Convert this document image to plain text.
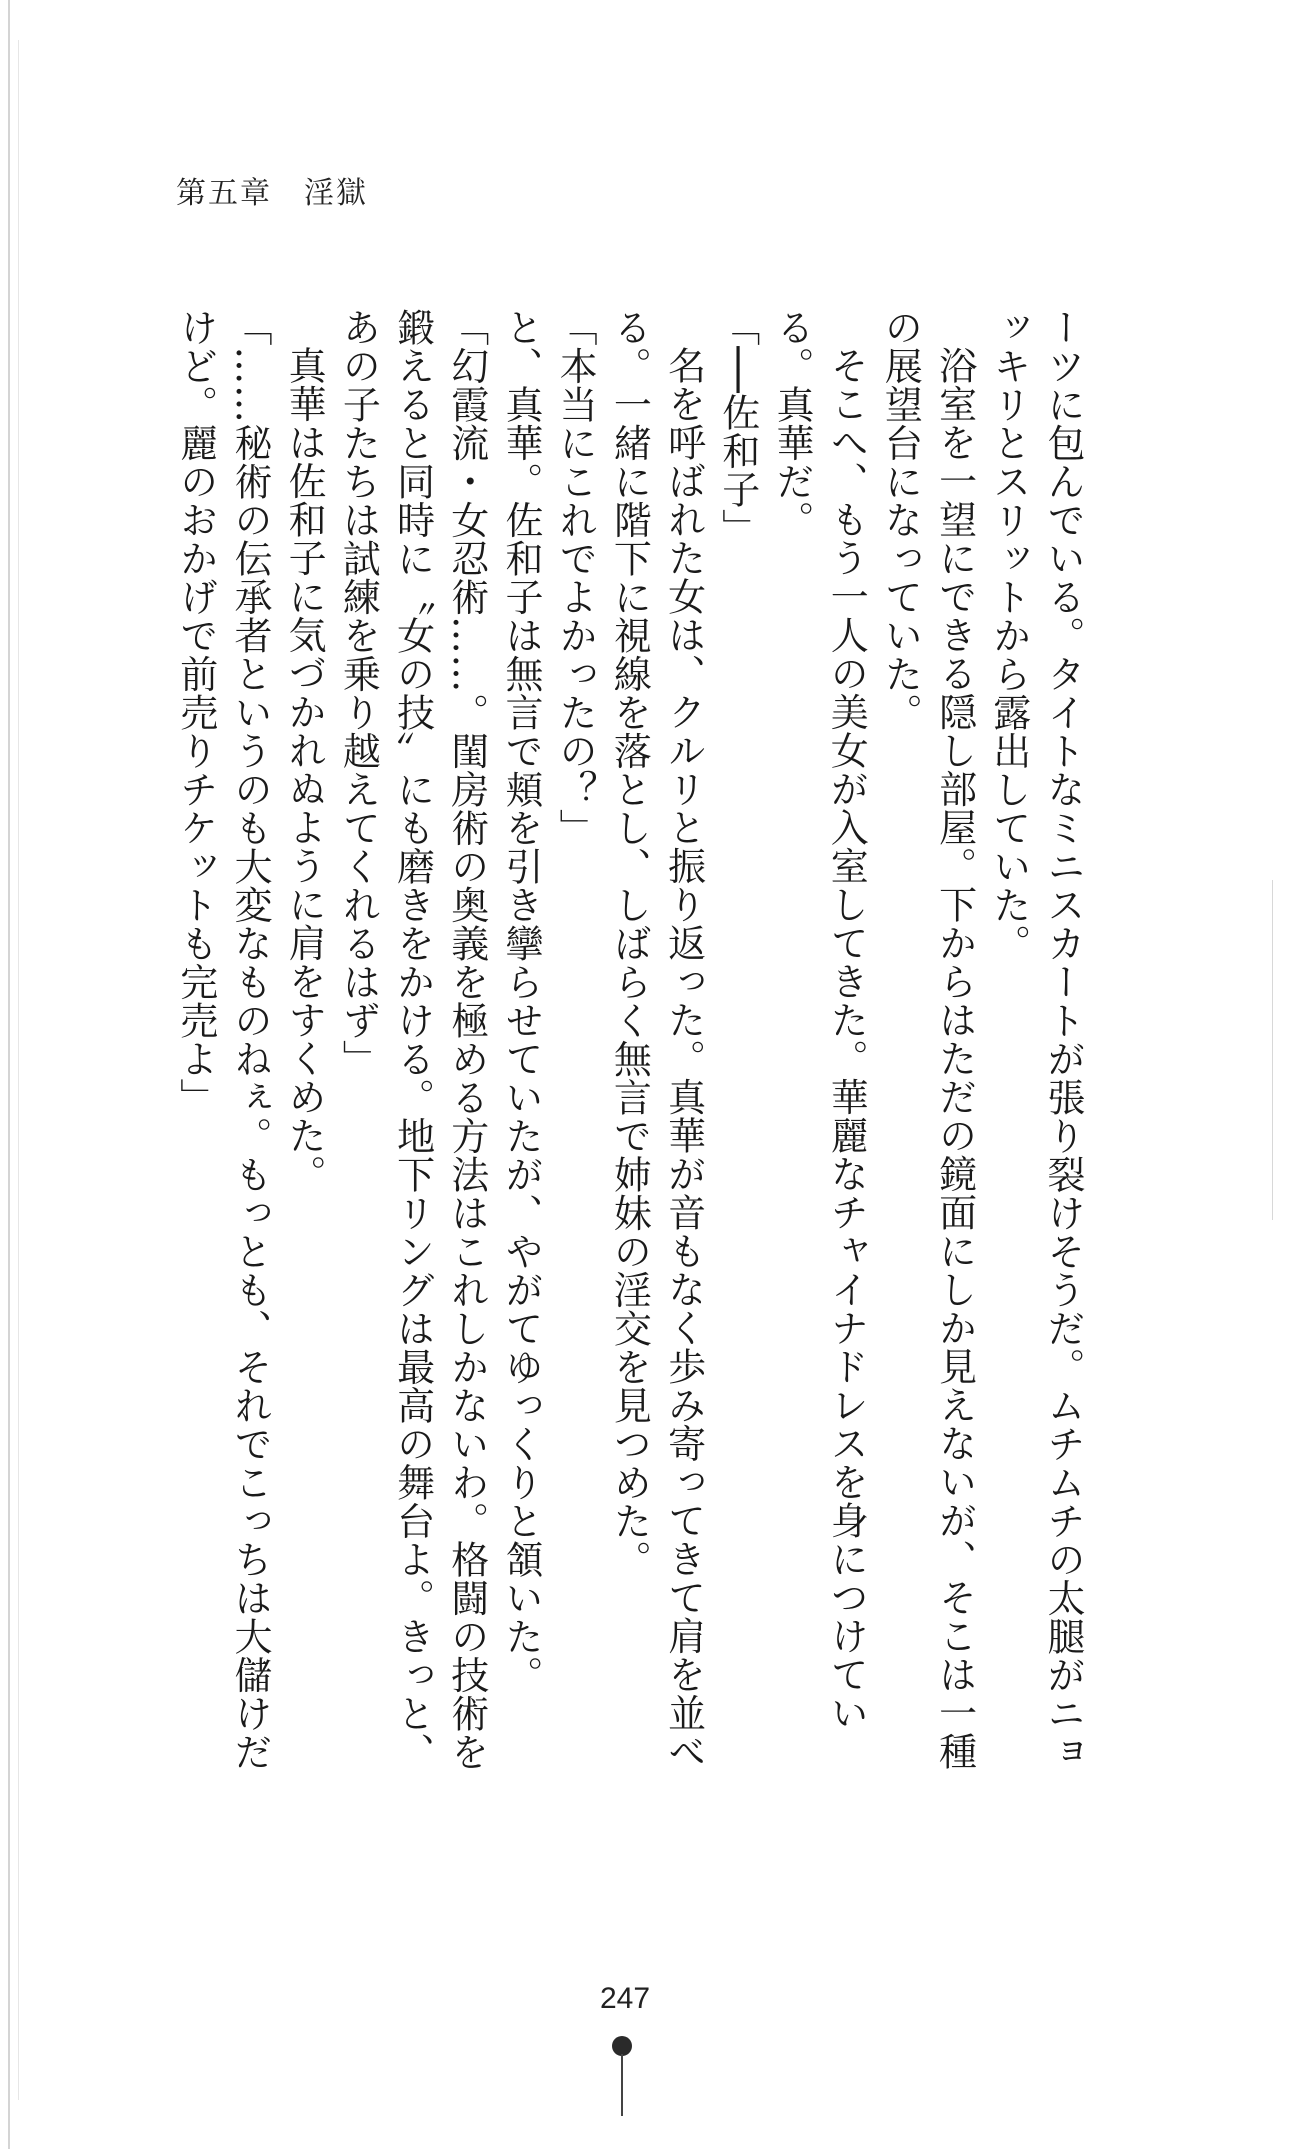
第五章　淫獄

ーツに包んでいる。タイトなミニスカートが張り裂けそうだ。ムチムチの太腿がニョッキリとスリットから露出していた。

浴室を一望にできる隠し部屋。下からはただの鏡面にしか見えないが、そこは一種の展望台になっていた。

そこへ、もう一人の美女が入室してきた。華麗なチャイナドレスを身につけている。真華だ。

「──佐和子」

名を呼ばれた女は、クルリと振り返った。真華が音もなく歩み寄ってきて肩を並べる。一緒に階下に視線を落とし、しばらく無言で姉妹の淫交を見つめた。

「本当にこれでよかったの？」

と、真華。佐和子は無言で頬を引き攣らせていたが、やがてゆっくりと頷いた。

「幻霞流・女忍術……。閨房術の奥義を極める方法はこれしかないわ。格闘の技術を鍛えると同時に〝女の技〟にも磨きをかける。地下リングは最高の舞台よ。きっと、あの子たちは試練を乗り越えてくれるはず」

真華は佐和子に気づかれぬように肩をすくめた。

「……秘術の伝承者というのも大変なものねぇ。もっとも、それでこっちは大儲けだけど。麗のおかげで前売りチケットも完売よ」

247
